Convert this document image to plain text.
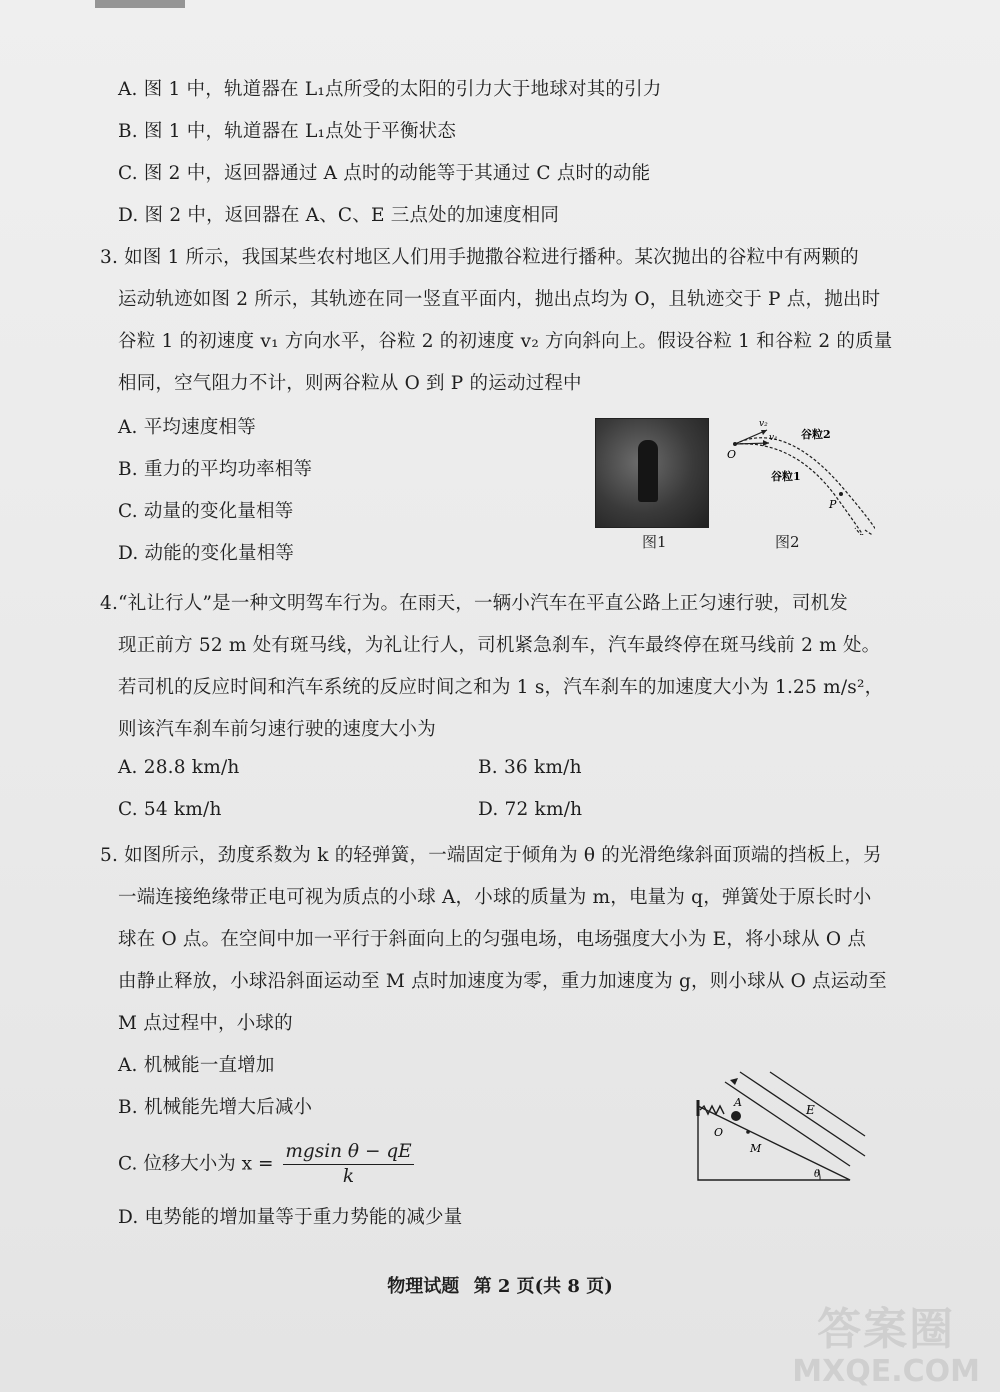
A. 图 1 中，轨道器在 L₁点所受的太阳的引力大于地球对其的引力
B. 图 1 中，轨道器在 L₁点处于平衡状态
C. 图 2 中，返回器通过 A 点时的动能等于其通过 C 点时的动能
D. 图 2 中，返回器在 A、C、E 三点处的加速度相同
3. 如图 1 所示，我国某些农村地区人们用手抛撒谷粒进行播种。某次抛出的谷粒中有两颗的
运动轨迹如图 2 所示，其轨迹在同一竖直平面内，抛出点均为 O，且轨迹交于 P 点，抛出时
谷粒 1 的初速度 v₁ 方向水平，谷粒 2 的初速度 v₂ 方向斜向上。假设谷粒 1 和谷粒 2 的质量
相同，空气阻力不计，则两谷粒从 O 到 P 的运动过程中
A. 平均速度相等
B. 重力的平均功率相等
C. 动量的变化量相等
D. 动能的变化量相等
图1
O
P
v₂
v₁ 谷粒2
谷粒1
图2
4.“礼让行人”是一种文明驾车行为。在雨天，一辆小汽车在平直公路上正匀速行驶，司机发
现正前方 52 m 处有斑马线，为礼让行人，司机紧急刹车，汽车最终停在斑马线前 2 m 处。
若司机的反应时间和汽车系统的反应时间之和为 1 s，汽车刹车的加速度大小为 1.25 m/s²，
则该汽车刹车前匀速行驶的速度大小为
A. 28.8 km/h	B. 36 km/h
C. 54 km/h	D. 72 km/h
5. 如图所示，劲度系数为 k 的轻弹簧，一端固定于倾角为 θ 的光滑绝缘斜面顶端的挡板上，另
一端连接绝缘带正电可视为质点的小球 A，小球的质量为 m，电量为 q，弹簧处于原长时小
球在 O 点。在空间中加一平行于斜面向上的匀强电场，电场强度大小为 E，将小球从 O 点
由静止释放，小球沿斜面运动至 M 点时加速度为零，重力加速度为 g，则小球从 O 点运动至
M 点过程中，小球的
A. 机械能一直增加
B. 机械能先增大后减小
C. 位移大小为 $x = \frac{\text{mgsin θ − qE}}{k}$
D. 电势能的增加量等于重力势能的减少量
A
O
M
E
θ
物理试题 第 2 页(共 8 页)
答案圈
MXQE.COM
